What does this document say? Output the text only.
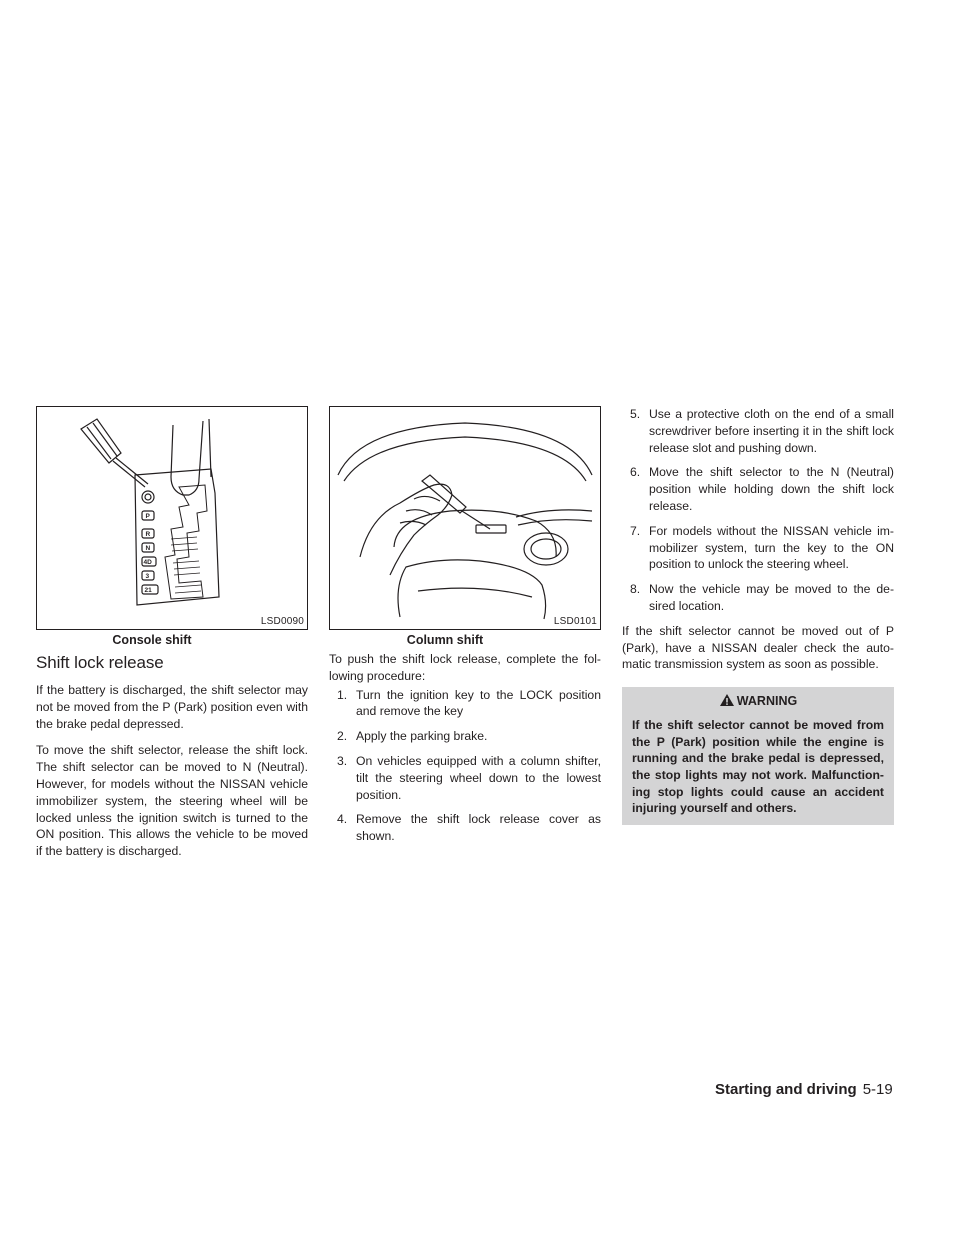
P
R
N
4D
3
21
LSD0090
Console shift
Shift lock release

If the battery is discharged, the shift selector may not be moved from the P (Park) position even with the brake pedal depressed.

To move the shift selector, release the shift lock. The shift selector can be moved to N (Neutral). However, for models without the NISSAN vehicle immobilizer system, the steering wheel will be locked unless the ignition switch is turned to the ON position. This allows the vehicle to be moved if the battery is discharged.

LSD0101
Column shift

To push the shift lock release, complete the fol-lowing procedure:

1. Turn the ignition key to the LOCK position and remove the key
2. Apply the parking brake.
3. On vehicles equipped with a column shifter, tilt the steering wheel down to the lowest position.
4. Remove the shift lock release cover as shown.
5. Use a protective cloth on the end of a small screwdriver before inserting it in the shift lock release slot and pushing down.
6. Move the shift selector to the N (Neutral) position while holding down the shift lock release.
7. For models without the NISSAN vehicle im-mobilizer system, turn the key to the ON position to unlock the steering wheel.
8. Now the vehicle may be moved to the de-sired location.

If the shift selector cannot be moved out of P (Park), have a NISSAN dealer check the auto-matic transmission system as soon as possible.

WARNING
If the shift selector cannot be moved from the P (Park) position while the engine is running and the brake pedal is depressed, the stop lights may not work. Malfunction-ing stop lights could cause an accident injuring yourself and others.
Starting and driving 5-19
